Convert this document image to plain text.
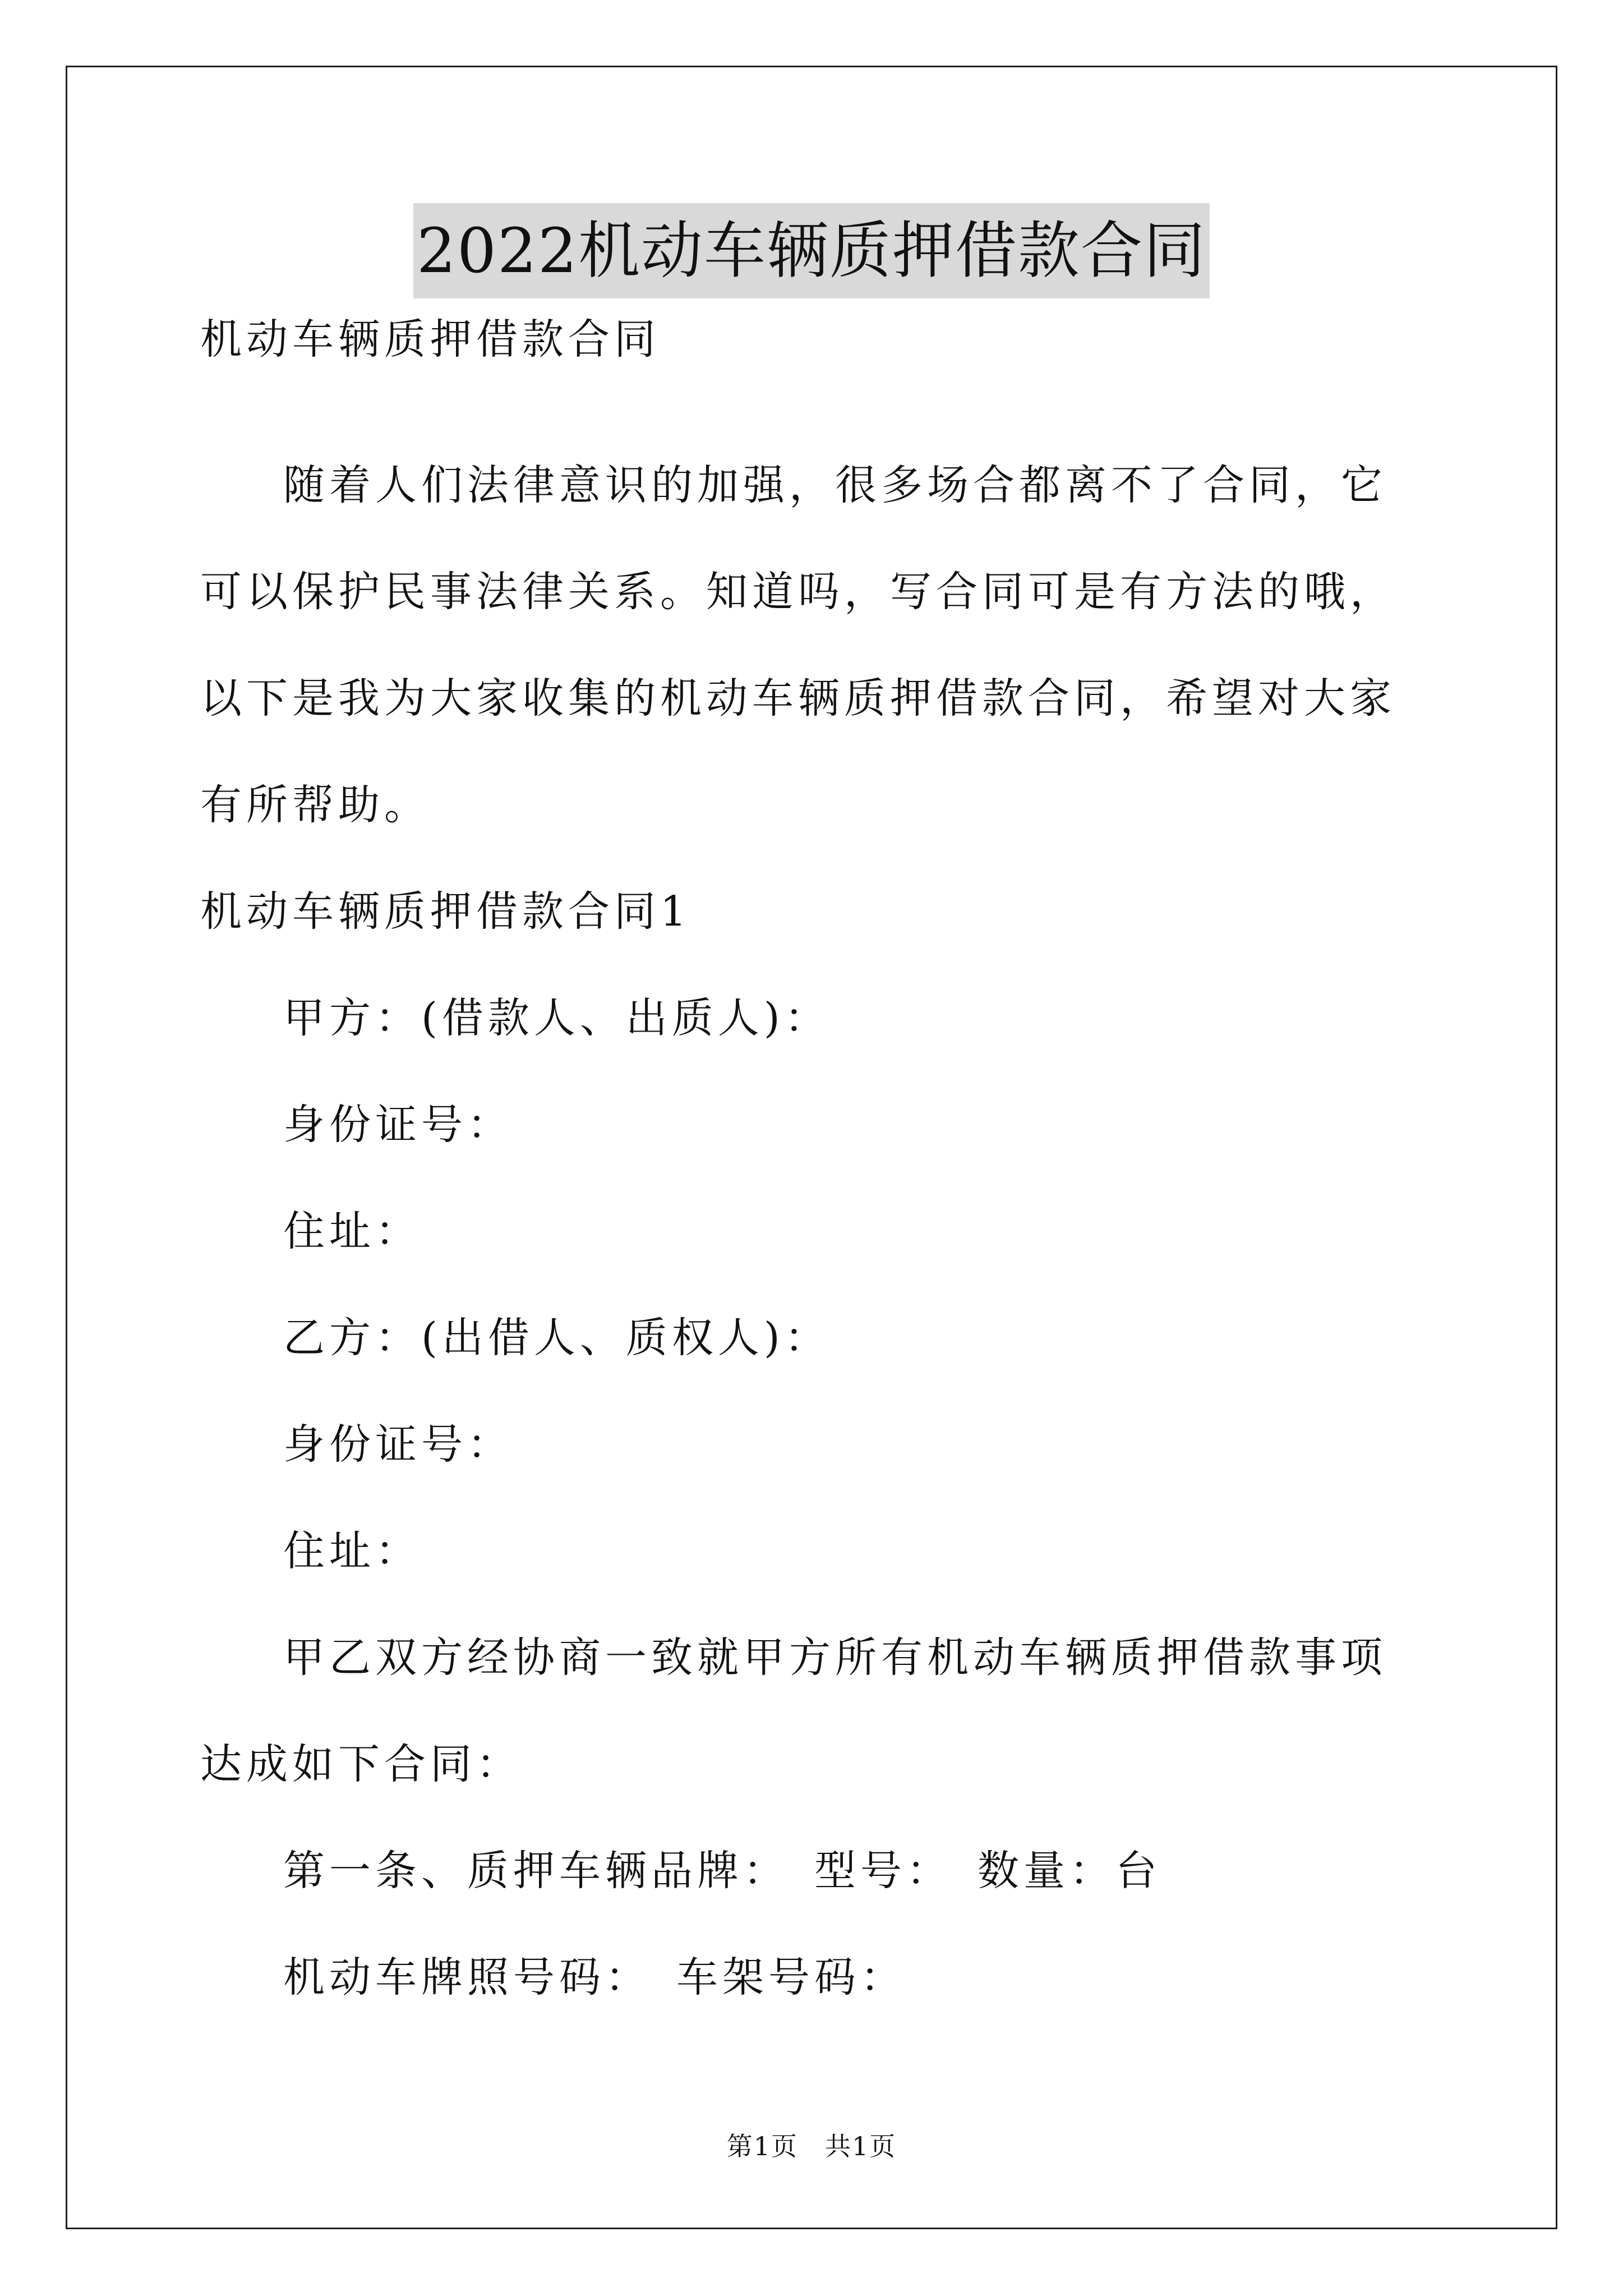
2022机动车辆质押借款合同
机动车辆质押借款合同

随着人们法律意识的加强，很多场合都离不了合同，它可以保护民事法律关系。知道吗，写合同可是有方法的哦，以下是我为大家收集的机动车辆质押借款合同，希望对大家有所帮助。

机动车辆质押借款合同1
甲方：(借款人、出质人)：
身份证号：
住址：
乙方：(出借人、质权人)：
身份证号：
住址：

甲乙双方经协商一致就甲方所有机动车辆质押借款事项达成如下合同：

第一条、质押车辆品牌：　型号：　数量：台
机动车牌照号码：　车架号码：
第1页　共1页
